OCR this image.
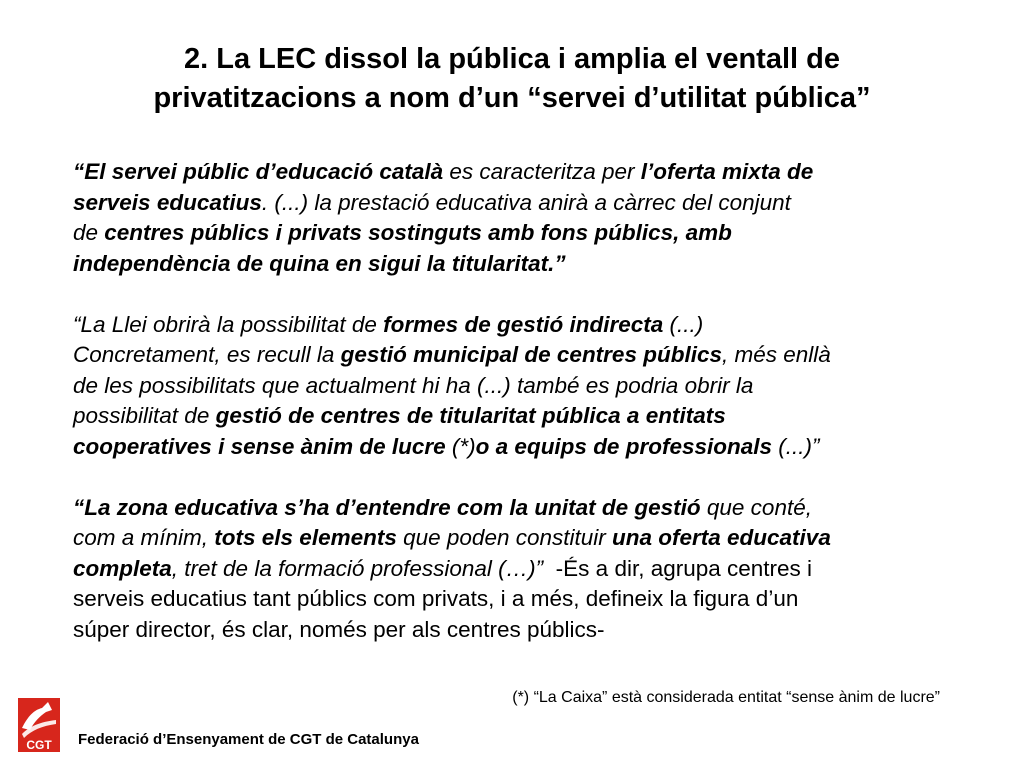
2. La LEC dissol la pública i amplia el ventall de
privatitzacions a nom d’un “servei d’utilitat pública”
“El servei públic d’educació català es caracteritza per l’oferta mixta de
serveis educatius. (...) la prestació educativa anirà a càrrec del conjunt
de centres públics i privats sostinguts amb fons públics, amb
independència de quina en sigui la titularitat.”
“La Llei obrirà la possibilitat de formes de gestió indirecta (...)
Concretament, es recull la gestió municipal de centres públics, més enllà
de les possibilitats que actualment hi ha (...) també es podria obrir la
possibilitat de gestió de centres de titularitat pública a entitats
cooperatives i sense ànim de lucre (*)o a equips de professionals (...)”
“La zona educativa s’ha d’entendre com la unitat de gestió que conté,
com a mínim, tots els elements que poden constituir una oferta educativa
completa, tret de la formació professional (…)”  -És a dir, agrupa centres i
serveis educatius tant públics com privats, i a més, defineix la figura d’un
súper director, és clar, només per als centres públics-
(*) “La Caixa” està considerada entitat “sense ànim de lucre”
CGT Federació d’Ensenyament de CGT de Catalunya
